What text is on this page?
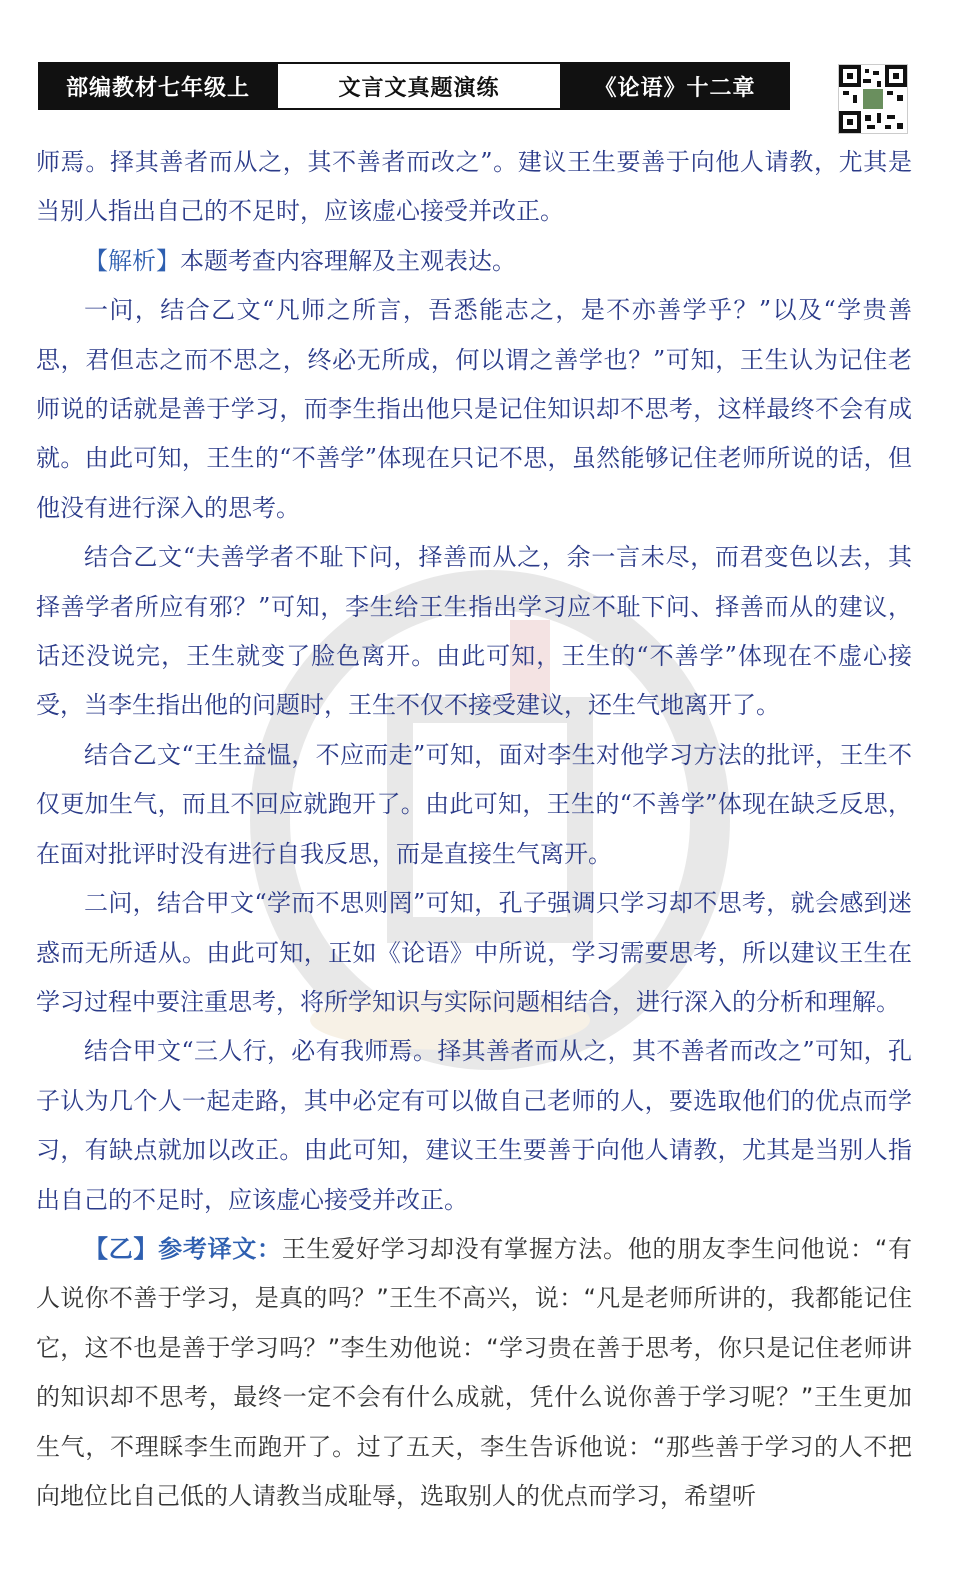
部编教材七年级上	文言文真题演练	《论语》十二章

师焉。择其善者而从之，其不善者而改之”。建议王生要善于向他人请教，尤其是当别人指出自己的不足时，应该虚心接受并改正。

【解析】本题考查内容理解及主观表达。

一问，结合乙文“凡师之所言，吾悉能志之，是不亦善学乎？”以及“学贵善思，君但志之而不思之，终必无所成，何以谓之善学也？”可知，王生认为记住老师说的话就是善于学习，而李生指出他只是记住知识却不思考，这样最终不会有成就。由此可知，王生的“不善学”体现在只记不思，虽然能够记住老师所说的话，但他没有进行深入的思考。

结合乙文“夫善学者不耻下问，择善而从之，余一言未尽，而君变色以去，其择善学者所应有邪？”可知，李生给王生指出学习应不耻下问、择善而从的建议，话还没说完，王生就变了脸色离开。由此可知，王生的“不善学”体现在不虚心接受，当李生指出他的问题时，王生不仅不接受建议，还生气地离开了。

结合乙文“王生益愠，不应而走”可知，面对李生对他学习方法的批评，王生不仅更加生气，而且不回应就跑开了。由此可知，王生的“不善学”体现在缺乏反思，在面对批评时没有进行自我反思，而是直接生气离开。

二问，结合甲文“学而不思则罔”可知，孔子强调只学习却不思考，就会感到迷惑而无所适从。由此可知，正如《论语》中所说，学习需要思考，所以建议王生在学习过程中要注重思考，将所学知识与实际问题相结合，进行深入的分析和理解。

结合甲文“三人行，必有我师焉。择其善者而从之，其不善者而改之”可知，孔子认为几个人一起走路，其中必定有可以做自己老师的人，要选取他们的优点而学习，有缺点就加以改正。由此可知，建议王生要善于向他人请教，尤其是当别人指出自己的不足时，应该虚心接受并改正。

【乙】参考译文：王生爱好学习却没有掌握方法。他的朋友李生问他说：“有人说你不善于学习，是真的吗？”王生不高兴，说：“凡是老师所讲的，我都能记住它，这不也是善于学习吗？”李生劝他说：“学习贵在善于思考，你只是记住老师讲的知识却不思考，最终一定不会有什么成就，凭什么说你善于学习呢？”王生更加生气，不理睬李生而跑开了。过了五天，李生告诉他说：“那些善于学习的人不把向地位比自己低的人请教当成耻辱，选取别人的优点而学习，希望听
